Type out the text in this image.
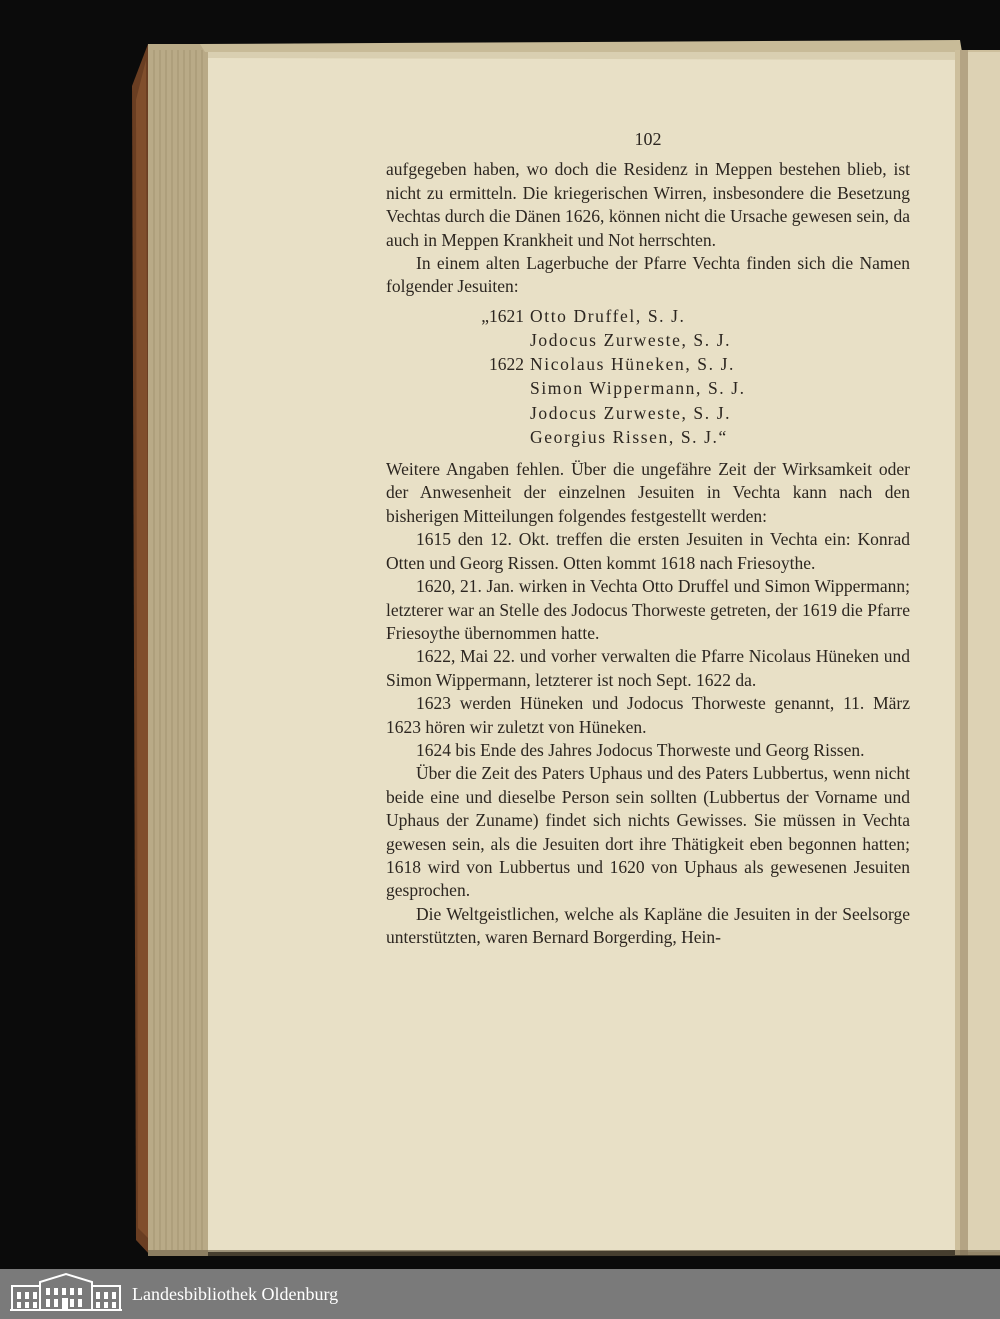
102

aufgegeben haben, wo doch die Residenz in Meppen bestehen blieb, ist nicht zu ermitteln. Die kriegerischen Wirren, insbesondere die Besetzung Vechtas durch die Dänen 1626, können nicht die Ursache gewesen sein, da auch in Meppen Krankheit und Not herrschten.

In einem alten Lagerbuche der Pfarre Vechta finden sich die Namen folgender Jesuiten:

„1621 Otto Druffel, S. J.
Jodocus Zurweste, S. J.
1622 Nicolaus Hüneken, S. J.
Simon Wippermann, S. J.
Jodocus Zurweste, S. J.
Georgius Rissen, S. J.“

Weitere Angaben fehlen. Über die ungefähre Zeit der Wirksamkeit oder der Anwesenheit der einzelnen Jesuiten in Vechta kann nach den bisherigen Mitteilungen folgendes festgestellt werden:

1615 den 12. Okt. treffen die ersten Jesuiten in Vechta ein: Konrad Otten und Georg Rissen. Otten kommt 1618 nach Friesoythe.

1620, 21. Jan. wirken in Vechta Otto Druffel und Simon Wippermann; letzterer war an Stelle des Jodocus Thorweste getreten, der 1619 die Pfarre Friesoythe übernommen hatte.

1622, Mai 22. und vorher verwalten die Pfarre Nicolaus Hüneken und Simon Wippermann, letzterer ist noch Sept. 1622 da.

1623 werden Hüneken und Jodocus Thorweste genannt, 11. März 1623 hören wir zuletzt von Hüneken.

1624 bis Ende des Jahres Jodocus Thorweste und Georg Rissen.

Über die Zeit des Paters Uphaus und des Paters Lubbertus, wenn nicht beide eine und dieselbe Person sein sollten (Lubbertus der Vorname und Uphaus der Zuname) findet sich nichts Gewisses. Sie müssen in Vechta gewesen sein, als die Jesuiten dort ihre Thätigkeit eben begonnen hatten; 1618 wird von Lubbertus und 1620 von Uphaus als gewesenen Jesuiten gesprochen.

Die Weltgeistlichen, welche als Kapläne die Jesuiten in der Seelsorge unterstützten, waren Bernard Borgerding, Hein-

Landesbibliothek Oldenburg
